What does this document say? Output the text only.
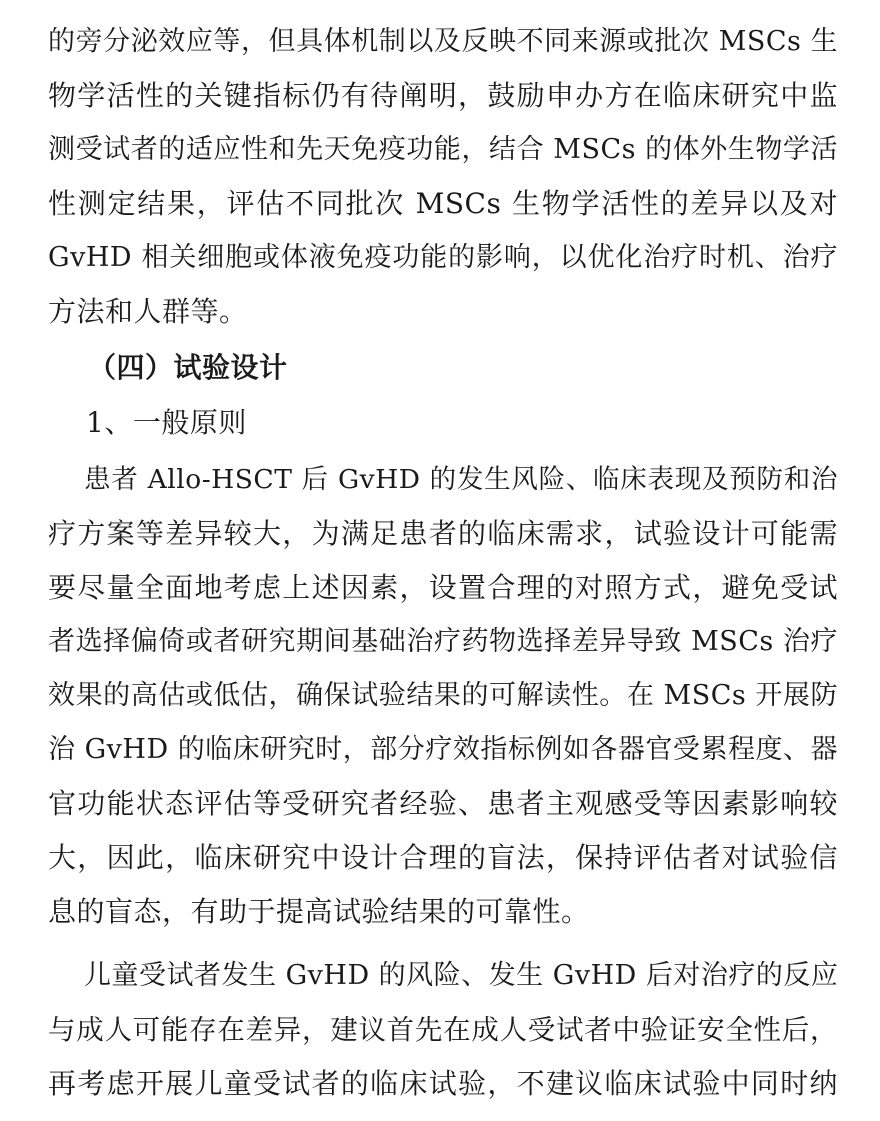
的旁分泌效应等，但具体机制以及反映不同来源或批次 MSCs 生
物学活性的关键指标仍有待阐明，鼓励申办方在临床研究中监
测受试者的适应性和先天免疫功能，结合 MSCs 的体外生物学活
性测定结果，评估不同批次 MSCs 生物学活性的差异以及对
GvHD 相关细胞或体液免疫功能的影响，以优化治疗时机、治疗
方法和人群等。
（四）试验设计
1、一般原则
患者 Allo-HSCT 后 GvHD 的发生风险、临床表现及预防和治
疗方案等差异较大，为满足患者的临床需求，试验设计可能需
要尽量全面地考虑上述因素，设置合理的对照方式，避免受试
者选择偏倚或者研究期间基础治疗药物选择差异导致 MSCs 治疗
效果的高估或低估，确保试验结果的可解读性。在 MSCs 开展防
治 GvHD 的临床研究时，部分疗效指标例如各器官受累程度、器
官功能状态评估等受研究者经验、患者主观感受等因素影响较
大，因此，临床研究中设计合理的盲法，保持评估者对试验信
息的盲态，有助于提高试验结果的可靠性。
儿童受试者发生 GvHD 的风险、发生 GvHD 后对治疗的反应
与成人可能存在差异，建议首先在成人受试者中验证安全性后，
再考虑开展儿童受试者的临床试验，不建议临床试验中同时纳
